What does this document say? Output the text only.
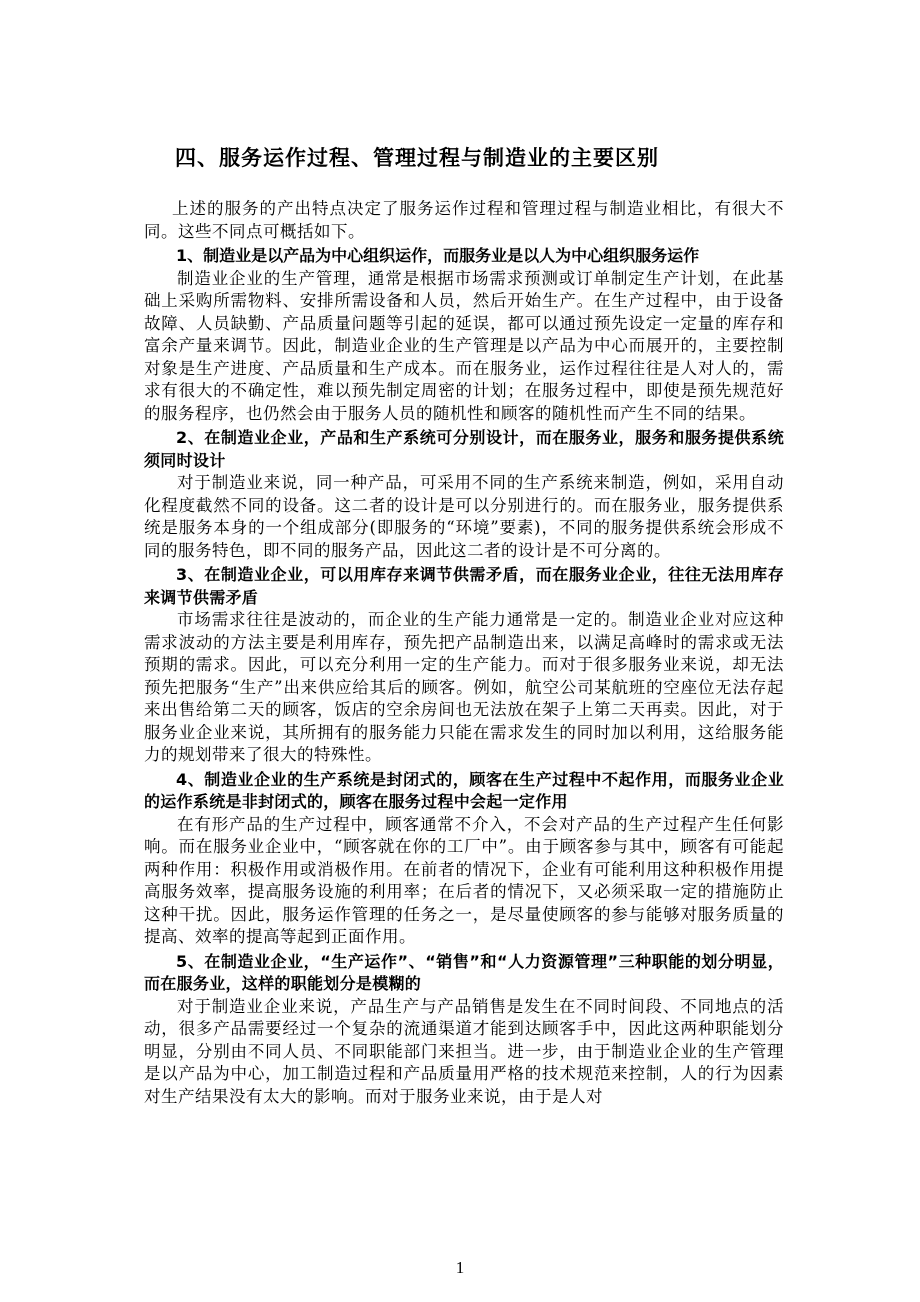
四、服务运作过程、管理过程与制造业的主要区别

上述的服务的产出特点决定了服务运作过程和管理过程与制造业相比，有很大不同。这些不同点可概括如下。

1、制造业是以产品为中心组织运作，而服务业是以人为中心组织服务运作

制造业企业的生产管理，通常是根据市场需求预测或订单制定生产计划，在此基础上采购所需物料、安排所需设备和人员，然后开始生产。在生产过程中，由于设备故障、人员缺勤、产品质量问题等引起的延误，都可以通过预先设定一定量的库存和富余产量来调节。因此，制造业企业的生产管理是以产品为中心而展开的，主要控制对象是生产进度、产品质量和生产成本。而在服务业，运作过程往往是人对人的，需求有很大的不确定性，难以预先制定周密的计划；在服务过程中，即使是预先规范好的服务程序，也仍然会由于服务人员的随机性和顾客的随机性而产生不同的结果。

2、在制造业企业，产品和生产系统可分别设计，而在服务业，服务和服务提供系统须同时设计

对于制造业来说，同一种产品，可采用不同的生产系统来制造，例如，采用自动化程度截然不同的设备。这二者的设计是可以分别进行的。而在服务业，服务提供系统是服务本身的一个组成部分(即服务的“环境”要素)，不同的服务提供系统会形成不同的服务特色，即不同的服务产品，因此这二者的设计是不可分离的。

3、在制造业企业，可以用库存来调节供需矛盾，而在服务业企业，往往无法用库存来调节供需矛盾

市场需求往往是波动的，而企业的生产能力通常是一定的。制造业企业对应这种需求波动的方法主要是利用库存，预先把产品制造出来，以满足高峰时的需求或无法预期的需求。因此，可以充分利用一定的生产能力。而对于很多服务业来说，却无法预先把服务“生产”出来供应给其后的顾客。例如，航空公司某航班的空座位无法存起来出售给第二天的顾客，饭店的空余房间也无法放在架子上第二天再卖。因此，对于服务业企业来说，其所拥有的服务能力只能在需求发生的同时加以利用，这给服务能力的规划带来了很大的特殊性。

4、制造业企业的生产系统是封闭式的，顾客在生产过程中不起作用，而服务业企业的运作系统是非封闭式的，顾客在服务过程中会起一定作用

在有形产品的生产过程中，顾客通常不介入，不会对产品的生产过程产生任何影响。而在服务业企业中，“顾客就在你的工厂中”。由于顾客参与其中，顾客有可能起两种作用：积极作用或消极作用。在前者的情况下，企业有可能利用这种积极作用提高服务效率，提高服务设施的利用率；在后者的情况下，又必须采取一定的措施防止这种干扰。因此，服务运作管理的任务之一，是尽量使顾客的参与能够对服务质量的提高、效率的提高等起到正面作用。

5、在制造业企业，“生产运作”、“销售”和“人力资源管理”三种职能的划分明显，而在服务业，这样的职能划分是模糊的

对于制造业企业来说，产品生产与产品销售是发生在不同时间段、不同地点的活动，很多产品需要经过一个复杂的流通渠道才能到达顾客手中，因此这两种职能划分明显，分别由不同人员、不同职能部门来担当。进一步，由于制造业企业的生产管理是以产品为中心，加工制造过程和产品质量用严格的技术规范来控制，人的行为因素对生产结果没有太大的影响。而对于服务业来说，由于是人对

1
